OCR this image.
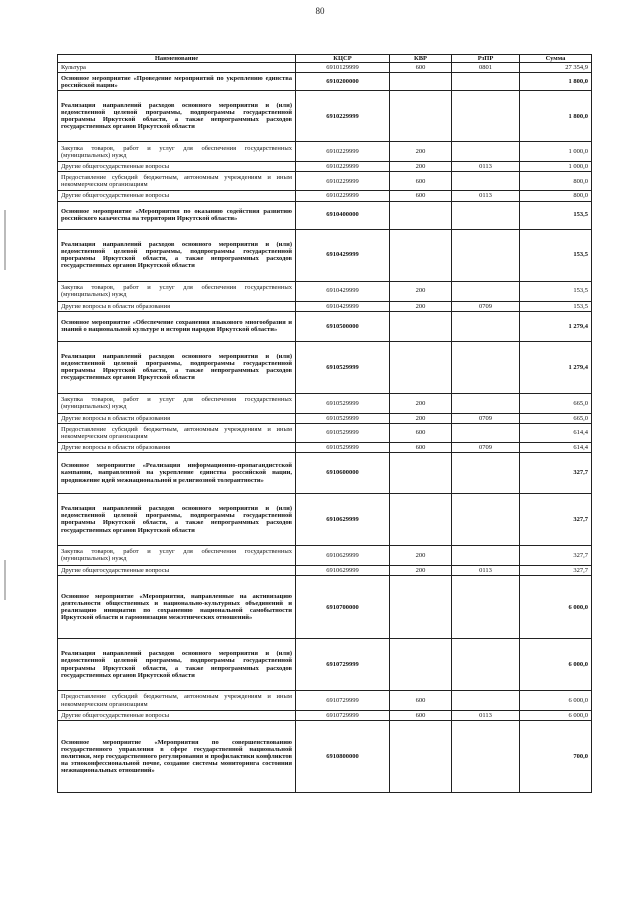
80
Наименование	КЦСР	КВР	РзПР	Сумма
Культура	6910129999	600	0801	27 354,9
Основное мероприятие «Проведение мероприятий по укреплению единства российской нации»	6910200000			1 800,0
Реализация направлений расходов основного мероприятия и (или) ведомственной целевой программы, подпрограммы государственной программы Иркутской области, а также непрограммных расходов государственных органов Иркутской области	6910229999			1 800,0
Закупка товаров, работ и услуг для обеспечения государственных (муниципальных) нужд	6910229999	200		1 000,0
Другие общегосударственные вопросы	6910229999	200	0113	1 000,0
Предоставление субсидий бюджетным, автономным учреждениям и иным некоммерческим организациям	6910229999	600		800,0
Другие общегосударственные вопросы	6910229999	600	0113	800,0
Основное мероприятие «Мероприятия по оказанию содействия развитию российского казачества на территории Иркутской области»	6910400000			153,5
Реализация направлений расходов основного мероприятия и (или) ведомственной целевой программы, подпрограммы государственной программы Иркутской области, а также непрограммных расходов государственных органов Иркутской области	6910429999			153,5
Закупка товаров, работ и услуг для обеспечения государственных (муниципальных) нужд	6910429999	200		153,5
Другие вопросы в области образования	6910429999	200	0709	153,5
Основное мероприятие «Обеспечение сохранения языкового многообразия и знаний о национальной культуре и истории народов Иркутской области»	6910500000			1 279,4
Реализация направлений расходов основного мероприятия и (или) ведомственной целевой программы, подпрограммы государственной программы Иркутской области, а также непрограммных расходов государственных органов Иркутской области	6910529999			1 279,4
Закупка товаров, работ и услуг для обеспечения государственных (муниципальных) нужд	6910529999	200		665,0
Другие вопросы в области образования	6910529999	200	0709	665,0
Предоставление субсидий бюджетным, автономным учреждениям и иным некоммерческим организациям	6910529999	600		614,4
Другие вопросы в области образования	6910529999	600	0709	614,4
Основное мероприятие «Реализация информационно-пропагандистской кампании, направленной на укрепление единства российской нации, продвижение идей межнациональной и религиозной толерантности»	6910600000			327,7
Реализация направлений расходов основного мероприятия и (или) ведомственной целевой программы, подпрограммы государственной программы Иркутской области, а также непрограммных расходов государственных органов Иркутской области	6910629999			327,7
Закупка товаров, работ и услуг для обеспечения государственных (муниципальных) нужд	6910629999	200		327,7
Другие общегосударственные вопросы	6910629999	200	0113	327,7
Основное мероприятие «Мероприятия, направленные на активизацию деятельности общественных и национально-культурных объединений и реализацию инициатив по сохранению национальной самобытности Иркутской области и гармонизации межэтнических отношений»	6910700000			6 000,0
Реализация направлений расходов основного мероприятия и (или) ведомственной целевой программы, подпрограммы государственной программы Иркутской области, а также непрограммных расходов государственных органов Иркутской области	6910729999			6 000,0
Предоставление субсидий бюджетным, автономным учреждениям и иным некоммерческим организациям	6910729999	600		6 000,0
Другие общегосударственные вопросы	6910729999	600	0113	6 000,0
Основное мероприятие «Мероприятия по совершенствованию государственного управления в сфере государственной национальной политики, мер государственного регулирования и профилактики конфликтов на этноконфессиональной почве, создание системы мониторинга состояния межнациональных отношений»	6910800000			700,0
